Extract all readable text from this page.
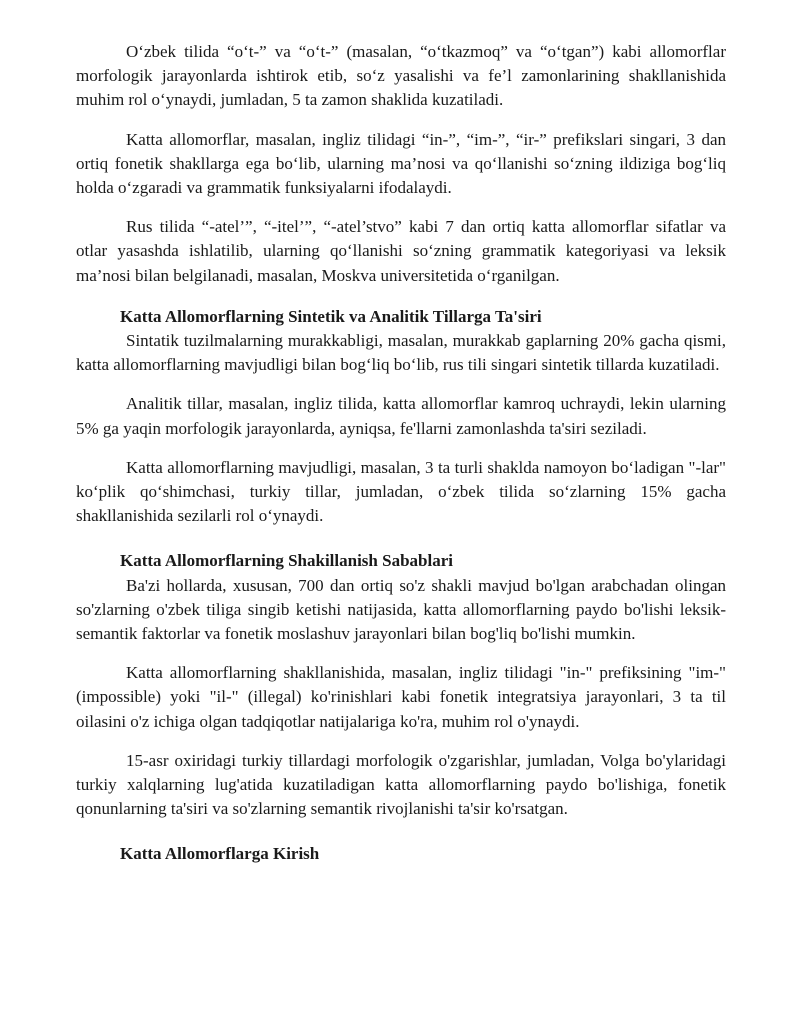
O‘zbek tilida “o‘t-” va “o‘t-” (masalan, “o‘tkazmoq” va “o‘tgan”) kabi allomorflar morfologik jarayonlarda ishtirok etib, so‘z yasalishi va fe’l zamonlarining shakllanishida muhim rol o‘ynaydi, jumladan, 5 ta zamon shaklida kuzatiladi.

Katta allomorflar, masalan, ingliz tilidagi “in-”, “im-”, “ir-” prefikslari singari, 3 dan ortiq fonetik shakllarga ega bo‘lib, ularning ma’nosi va qo‘llanishi so‘zning ildiziga bog‘liq holda o‘zgaradi va grammatik funksiyalarni ifodalaydi.

Rus tilida “-atel’”, “-itel’”, “-atel’stvo” kabi 7 dan ortiq katta allomorflar sifatlar va otlar yasashda ishlatilib, ularning qo‘llanishi so‘zning grammatik kategoriyasi va leksik ma’nosi bilan belgilanadi, masalan, Moskva universitetida o‘rganilgan.

Katta Allomorflarning Sintetik va Analitik Tillarga Ta'siri

Sintatik tuzilmalarning murakkabligi, masalan, murakkab gaplarning 20% gacha qismi, katta allomorflarning mavjudligi bilan bog‘liq bo‘lib, rus tili singari sintetik tillarda kuzatiladi.

Analitik tillar, masalan, ingliz tilida, katta allomorflar kamroq uchraydi, lekin ularning 5% ga yaqin morfologik jarayonlarda, ayniqsa, fe'llarni zamonlashda ta'siri seziladi.

Katta allomorflarning mavjudligi, masalan, 3 ta turli shaklda namoyon bo‘ladigan "-lar" ko‘plik qo‘shimchasi, turkiy tillar, jumladan, o‘zbek tilida so‘zlarning 15% gacha shakllanishida sezilarli rol o‘ynaydi.

Katta Allomorflarning Shakillanish Sabablari

Ba'zi hollarda, xususan, 700 dan ortiq so'z shakli mavjud bo'lgan arabchadan olingan so'zlarning o'zbek tiliga singib ketishi natijasida, katta allomorflarning paydo bo'lishi leksik-semantik faktorlar va fonetik moslashuv jarayonlari bilan bog'liq bo'lishi mumkin.

Katta allomorflarning shakllanishida, masalan, ingliz tilidagi "in-" prefiksining "im-" (impossible) yoki "il-" (illegal) ko'rinishlari kabi fonetik integratsiya jarayonlari, 3 ta til oilasini o'z ichiga olgan tadqiqotlar natijalariga ko'ra, muhim rol o'ynaydi.

15-asr oxiridagi turkiy tillardagi morfologik o'zgarishlar, jumladan, Volga bo'ylaridagi turkiy xalqlarning lug'atida kuzatiladigan katta allomorflarning paydo bo'lishiga, fonetik qonunlarning ta'siri va so'zlarning semantik rivojlanishi ta'sir ko'rsatgan.

Katta Allomorflarga Kirish
